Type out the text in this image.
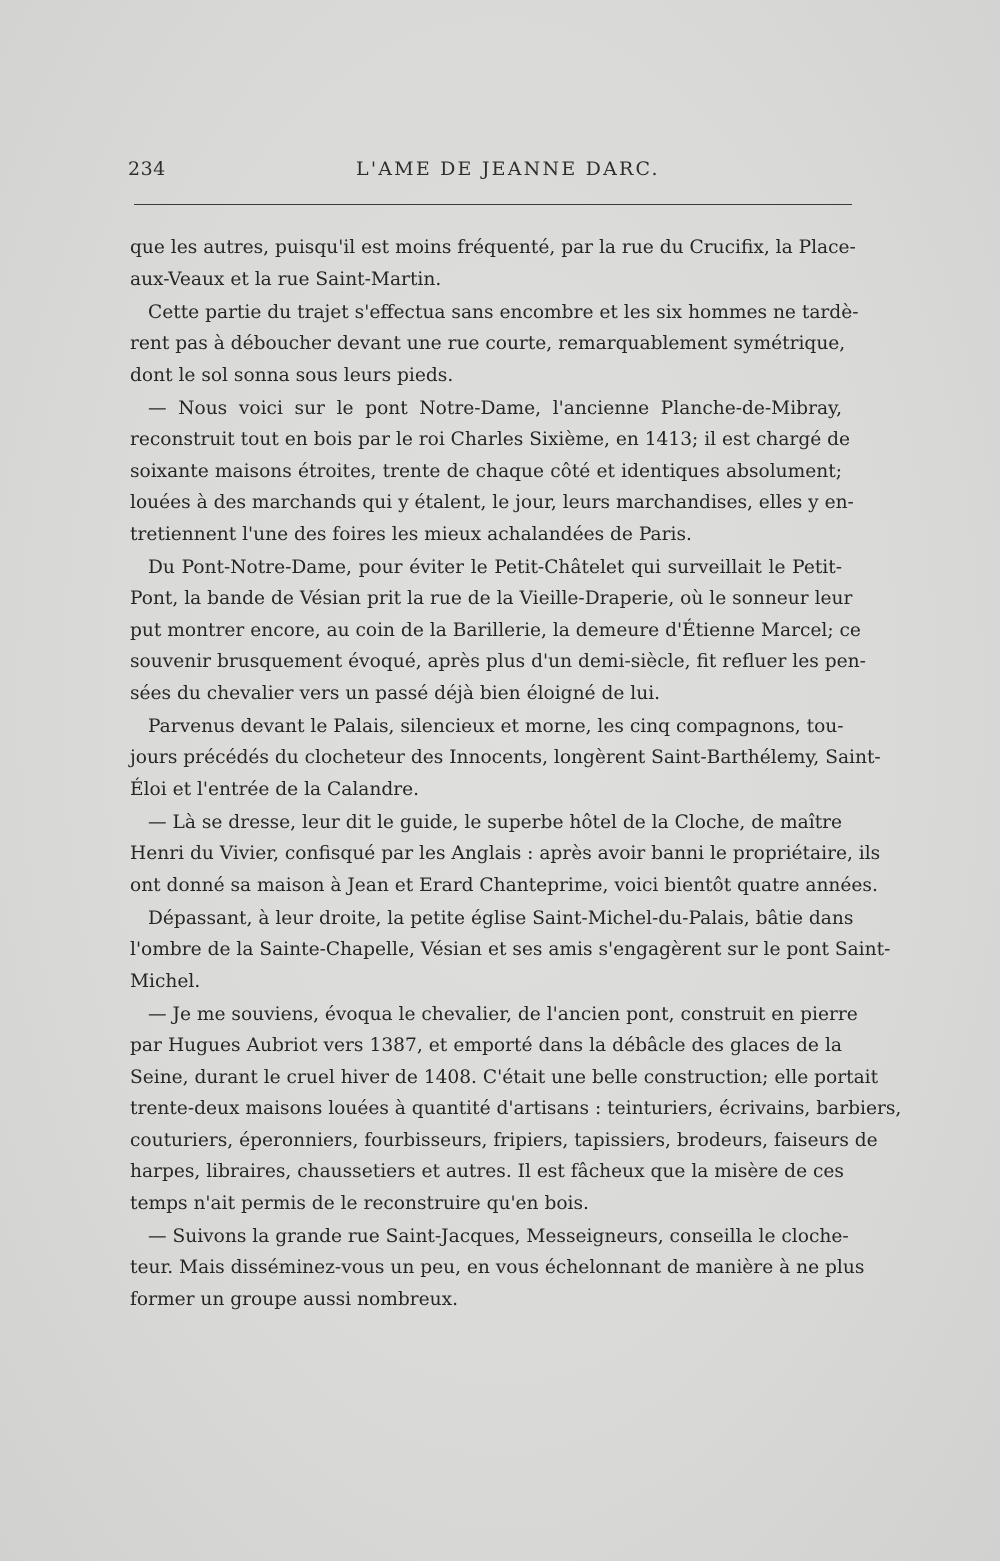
234	L'AME DE JEANNE DARC.
que les autres, puisqu'il est moins fréquenté, par la rue du Crucifix, la Place-
aux-Veaux et la rue Saint-Martin.
Cette partie du trajet s'effectua sans encombre et les six hommes ne tardè-
rent pas à déboucher devant une rue courte, remarquablement symétrique,
dont le sol sonna sous leurs pieds.
— Nous voici sur le pont Notre-Dame, l'ancienne Planche-de-Mibray,
reconstruit tout en bois par le roi Charles Sixième, en 1413; il est chargé de
soixante maisons étroites, trente de chaque côté et identiques absolument;
louées à des marchands qui y étalent, le jour, leurs marchandises, elles y en-
tretiennent l'une des foires les mieux achalandées de Paris.
Du Pont-Notre-Dame, pour éviter le Petit-Châtelet qui surveillait le Petit-
Pont, la bande de Vésian prit la rue de la Vieille-Draperie, où le sonneur leur
put montrer encore, au coin de la Barillerie, la demeure d'Étienne Marcel; ce
souvenir brusquement évoqué, après plus d'un demi-siècle, fit refluer les pen-
sées du chevalier vers un passé déjà bien éloigné de lui.
Parvenus devant le Palais, silencieux et morne, les cinq compagnons, tou-
jours précédés du clocheteur des Innocents, longèrent Saint-Barthélemy, Saint-
Éloi et l'entrée de la Calandre.
— Là se dresse, leur dit le guide, le superbe hôtel de la Cloche, de maître
Henri du Vivier, confisqué par les Anglais : après avoir banni le propriétaire, ils
ont donné sa maison à Jean et Erard Chanteprime, voici bientôt quatre années.
Dépassant, à leur droite, la petite église Saint-Michel-du-Palais, bâtie dans
l'ombre de la Sainte-Chapelle, Vésian et ses amis s'engagèrent sur le pont Saint-
Michel.
— Je me souviens, évoqua le chevalier, de l'ancien pont, construit en pierre
par Hugues Aubriot vers 1387, et emporté dans la débâcle des glaces de la
Seine, durant le cruel hiver de 1408. C'était une belle construction; elle portait
trente-deux maisons louées à quantité d'artisans : teinturiers, écrivains, barbiers,
couturiers, éperonniers, fourbisseurs, fripiers, tapissiers, brodeurs, faiseurs de
harpes, libraires, chaussetiers et autres. Il est fâcheux que la misère de ces
temps n'ait permis de le reconstruire qu'en bois.
— Suivons la grande rue Saint-Jacques, Messeigneurs, conseilla le cloche-
teur. Mais disséminez-vous un peu, en vous échelonnant de manière à ne plus
former un groupe aussi nombreux.
